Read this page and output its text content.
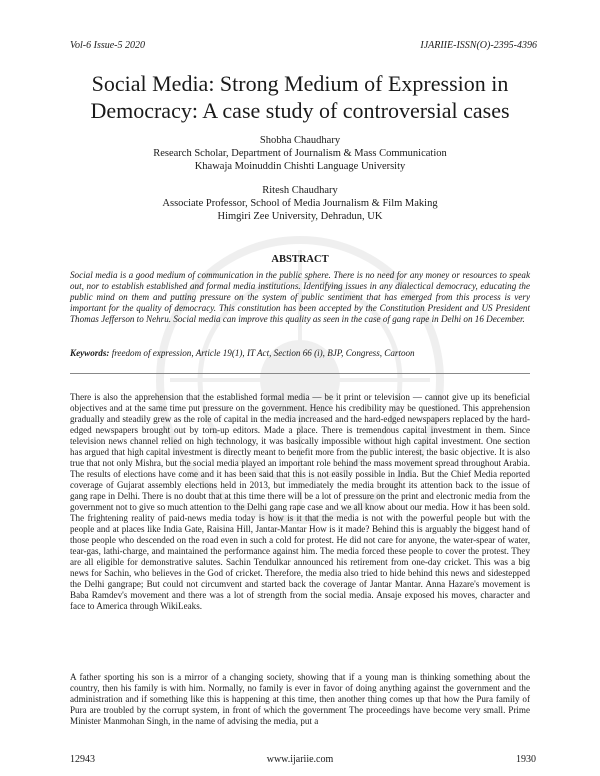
Vol-6 Issue-5 2020	IJARIIE-ISSN(O)-2395-4396
Social Media: Strong Medium of Expression in Democracy: A case study of controversial cases
Shobha Chaudhary
Research Scholar, Department of Journalism & Mass Communication
Khawaja Moinuddin Chishti Language University
Ritesh Chaudhary
Associate Professor, School of Media Journalism & Film Making
Himgiri Zee University, Dehradun, UK
ABSTRACT

Social media is a good medium of communication in the public sphere. There is no need for any money or resources to speak out, nor to establish established and formal media institutions. Identifying issues in any dialectical democracy, educating the public mind on them and putting pressure on the system of public sentiment that has emerged from this process is very important for the quality of democracy. This constitution has been accepted by the Constitution President and US President Thomas Jefferson to Nehru. Social media can improve this quality as seen in the case of gang rape in Delhi on 16 December.

Keywords: freedom of expression, Article 19(1), IT Act, Section 66 (i), BJP, Congress, Cartoon

There is also the apprehension that the established formal media — be it print or television — cannot give up its beneficial objectives and at the same time put pressure on the government. Hence his credibility may be questioned. This apprehension gradually and steadily grew as the role of capital in the media increased and the hard-edged newspapers replaced by the hard-edged newspapers brought out by torn-up editors. Made a place. There is tremendous capital investment in them. Since television news channel relied on high technology, it was basically impossible without high capital investment. One section has argued that high capital investment is directly meant to benefit more from the public interest, the basic objective. It is also true that not only Mishra, but the social media played an important role behind the mass movement spread throughout Arabia. The results of elections have come and it has been said that this is not easily possible in India. But the Chief Media reported coverage of Gujarat assembly elections held in 2013, but immediately the media brought its attention back to the issue of gang rape in Delhi. There is no doubt that at this time there will be a lot of pressure on the print and electronic media from the government not to give so much attention to the Delhi gang rape case and we all know about our media. How it has been sold. The frightening reality of paid-news media today is how is it that the media is not with the powerful people but with the people and at places like India Gate, Raisina Hill, Jantar-Mantar How is it made? Behind this is arguably the biggest hand of those people who descended on the road even in such a cold for protest. He did not care for anyone, the water-spear of water, tear-gas, lathi-charge, and maintained the performance against him. The media forced these people to cover the protest. They are all eligible for demonstrative salutes. Sachin Tendulkar announced his retirement from one-day cricket. This was a big news for Sachin, who believes in the God of cricket. Therefore, the media also tried to hide behind this news and sidestepped the Delhi gangrape; But could not circumvent and started back the coverage of Jantar Mantar. Anna Hazare's movement is Baba Ramdev's movement and there was a lot of strength from the social media. Ansaje exposed his moves, character and face to America through WikiLeaks.

A father sporting his son is a mirror of a changing society, showing that if a young man is thinking something about the country, then his family is with him. Normally, no family is ever in favor of doing anything against the government and the administration and if something like this is happening at this time, then another thing comes up that how the Pura family of Pura are troubled by the corrupt system, in front of which the government The proceedings have become very small. Prime Minister Manmohan Singh, in the name of advising the media, put a

12943	www.ijariie.com	1930
